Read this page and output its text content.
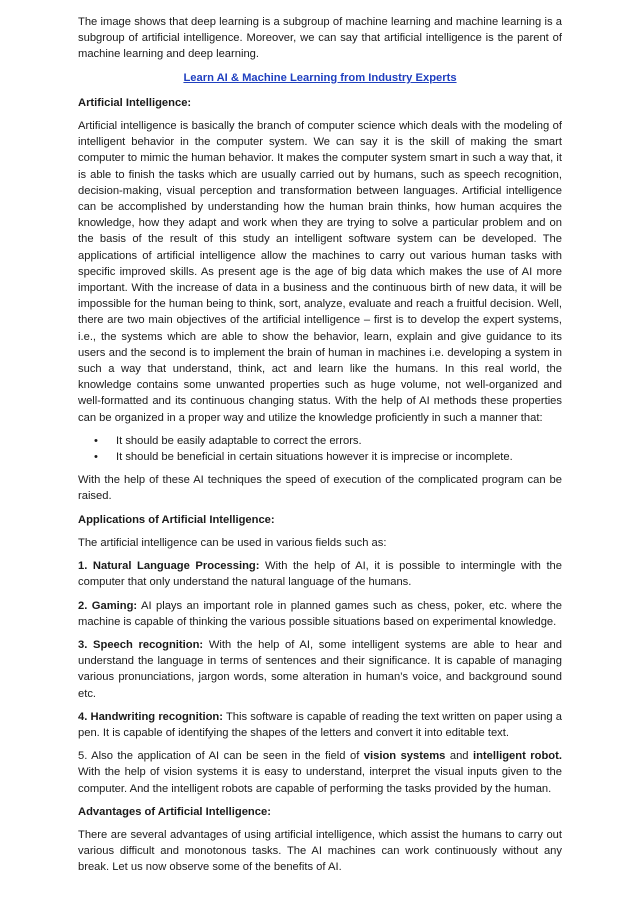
The image shows that deep learning is a subgroup of machine learning and machine learning is a subgroup of artificial intelligence. Moreover, we can say that artificial intelligence is the parent of machine learning and deep learning.

Learn AI & Machine Learning from Industry Experts

Artificial Intelligence:

Artificial intelligence is basically the branch of computer science which deals with the modeling of intelligent behavior in the computer system. We can say it is the skill of making the smart computer to mimic the human behavior. It makes the computer system smart in such a way that, it is able to finish the tasks which are usually carried out by humans, such as speech recognition, decision-making, visual perception and transformation between languages. Artificial intelligence can be accomplished by understanding how the human brain thinks, how human acquires the knowledge, how they adapt and work when they are trying to solve a particular problem and on the basis of the result of this study an intelligent software system can be developed. The applications of artificial intelligence allow the machines to carry out various human tasks with specific improved skills. As present age is the age of big data which makes the use of AI more important. With the increase of data in a business and the continuous birth of new data, it will be impossible for the human being to think, sort, analyze, evaluate and reach a fruitful decision. Well, there are two main objectives of the artificial intelligence – first is to develop the expert systems, i.e., the systems which are able to show the behavior, learn, explain and give guidance to its users and the second is to implement the brain of human in machines i.e. developing a system in such a way that understand, think, act and learn like the humans. In this real world, the knowledge contains some unwanted properties such as huge volume, not well-organized and well-formatted and its continuous changing status. With the help of AI methods these properties can be organized in a proper way and utilize the knowledge proficiently in such a manner that:

• It should be easily adaptable to correct the errors.
• It should be beneficial in certain situations however it is imprecise or incomplete.

With the help of these AI techniques the speed of execution of the complicated program can be raised.

Applications of Artificial Intelligence:

The artificial intelligence can be used in various fields such as:

1. Natural Language Processing: With the help of AI, it is possible to intermingle with the computer that only understand the natural language of the humans.

2. Gaming: AI plays an important role in planned games such as chess, poker, etc. where the machine is capable of thinking the various possible situations based on experimental knowledge.

3. Speech recognition: With the help of AI, some intelligent systems are able to hear and understand the language in terms of sentences and their significance. It is capable of managing various pronunciations, jargon words, some alteration in human’s voice, and background sound etc.

4. Handwriting recognition: This software is capable of reading the text written on paper using a pen. It is capable of identifying the shapes of the letters and convert it into editable text.

5. Also the application of AI can be seen in the field of vision systems and intelligent robot. With the help of vision systems it is easy to understand, interpret the visual inputs given to the computer. And the intelligent robots are capable of performing the tasks provided by the human.

Advantages of Artificial Intelligence:

There are several advantages of using artificial intelligence, which assist the humans to carry out various difficult and monotonous tasks. The AI machines can work continuously without any break. Let us now observe some of the benefits of AI.
